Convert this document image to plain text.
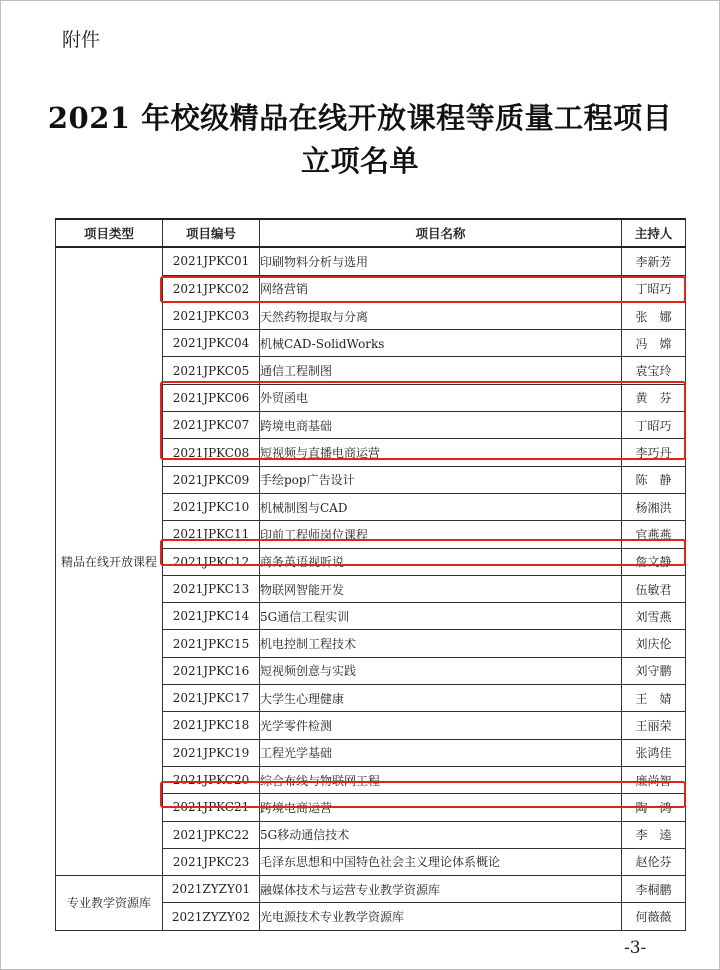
附件
2021 年校级精品在线开放课程等质量工程项目
立项名单
项目类型	项目编号	项目名称	主持人
精品在线开放课程	2021JPKC01	印刷物料分析与选用	李新芳
	2021JPKC02	网络营销	丁昭巧
	2021JPKC03	天然药物提取与分离	张　娜
	2021JPKC04	机械CAD-SolidWorks	冯　嫦
	2021JPKC05	通信工程制图	袁宝玲
	2021JPKC06	外贸函电	黄　芬
	2021JPKC07	跨境电商基础	丁昭巧
	2021JPKC08	短视频与直播电商运营	李巧丹
	2021JPKC09	手绘pop广告设计	陈　静
	2021JPKC10	机械制图与CAD	杨湘洪
	2021JPKC11	印前工程师岗位课程	官燕燕
	2021JPKC12	商务英语视听说	詹文静
	2021JPKC13	物联网智能开发	伍敏君
	2021JPKC14	5G通信工程实训	刘雪燕
	2021JPKC15	机电控制工程技术	刘庆伦
	2021JPKC16	短视频创意与实践	刘守鹏
	2021JPKC17	大学生心理健康	王　婧
	2021JPKC18	光学零件检测	王丽荣
	2021JPKC19	工程光学基础	张鸿佳
	2021JPKC20	综合布线与物联网工程	廉尚智
	2021JPKC21	跨境电商运营	陶　鸿
	2021JPKC22	5G移动通信技术	李　逵
	2021JPKC23	毛泽东思想和中国特色社会主义理论体系概论	赵伦芬
专业教学资源库	2021ZYZY01	融媒体技术与运营专业教学资源库	李桐鹏
	2021ZYZY02	光电源技术专业教学资源库	何薇薇
-3-
